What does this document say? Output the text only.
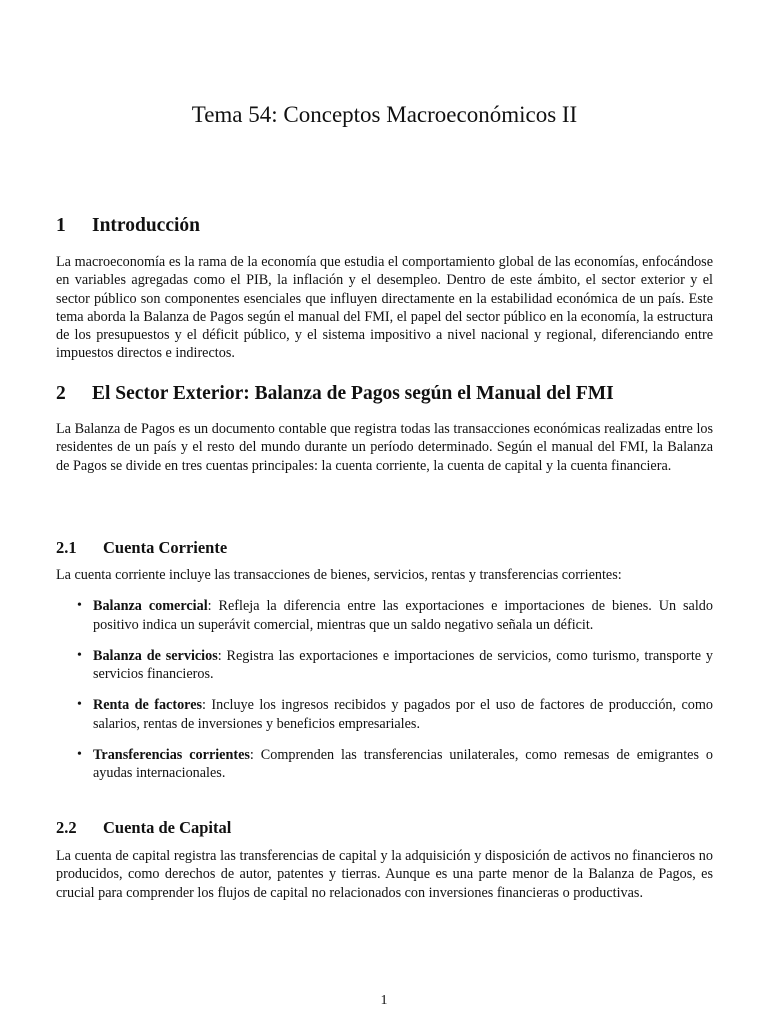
Tema 54: Conceptos Macroeconómicos II
1	Introducción

La macroeconomía es la rama de la economía que estudia el comportamiento global de las economías, enfocándose en variables agregadas como el PIB, la inflación y el desempleo. Dentro de este ámbito, el sector exterior y el sector público son componentes esenciales que influyen directamente en la estabilidad económica de un país. Este tema aborda la Balanza de Pagos según el manual del FMI, el papel del sector público en la economía, la estructura de los presupuestos y el déficit público, y el sistema impositivo a nivel nacional y regional, diferenciando entre impuestos directos e indirectos.

2	El Sector Exterior: Balanza de Pagos según el Manual del FMI

La Balanza de Pagos es un documento contable que registra todas las transacciones económicas realizadas entre los residentes de un país y el resto del mundo durante un período determinado. Según el manual del FMI, la Balanza de Pagos se divide en tres cuentas principales: la cuenta corriente, la cuenta de capital y la cuenta financiera.

2.1	Cuenta Corriente

La cuenta corriente incluye las transacciones de bienes, servicios, rentas y transferencias corrientes:

• Balanza comercial: Refleja la diferencia entre las exportaciones e importaciones de bienes. Un saldo positivo indica un superávit comercial, mientras que un saldo negativo señala un déficit.
• Balanza de servicios: Registra las exportaciones e importaciones de servicios, como turismo, transporte y servicios financieros.
• Renta de factores: Incluye los ingresos recibidos y pagados por el uso de factores de producción, como salarios, rentas de inversiones y beneficios empresariales.
• Transferencias corrientes: Comprenden las transferencias unilaterales, como remesas de emigrantes o ayudas internacionales.
2.2	Cuenta de Capital

La cuenta de capital registra las transferencias de capital y la adquisición y disposición de activos no financieros no producidos, como derechos de autor, patentes y tierras. Aunque es una parte menor de la Balanza de Pagos, es crucial para comprender los flujos de capital no relacionados con inversiones financieras o productivas.

1
